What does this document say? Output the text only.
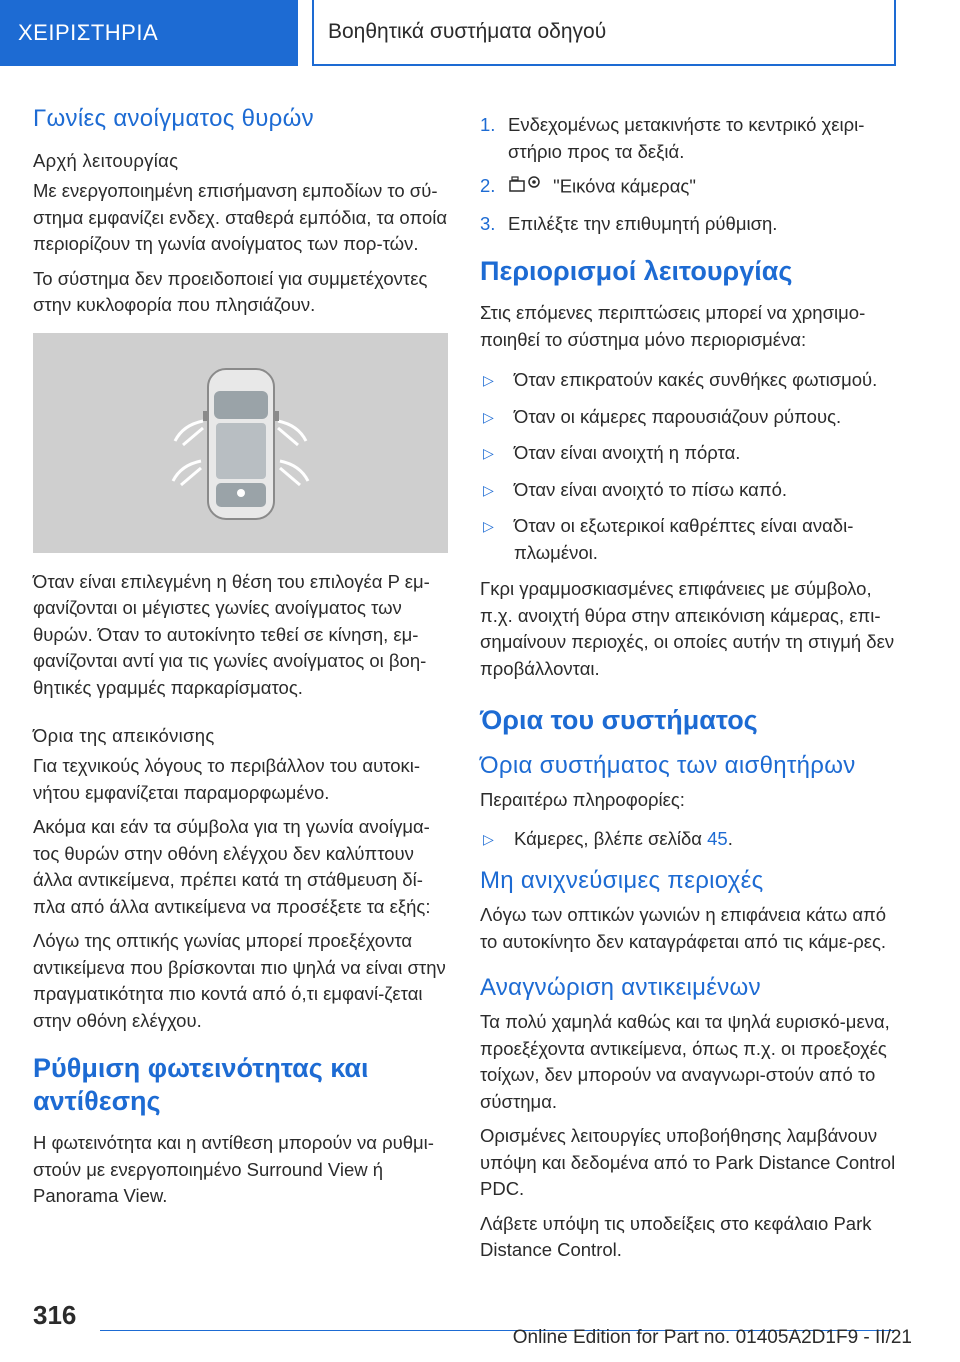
ΧΕΙΡΙΣΤΗΡΙΑ	Βοηθητικά συστήματα οδηγού
Γωνίες ανοίγματος θυρών
Αρχή λειτουργίας

Με ενεργοποιημένη επισήμανση εμποδίων το σύ-στημα εμφανίζει ενδεχ. σταθερά εμπόδια, τα οποία περιορίζουν τη γωνία ανοίγματος των πορ-τών.

Το σύστημα δεν προειδοποιεί για συμμετέχοντες στην κυκλοφορία που πλησιάζουν.

Όταν είναι επιλεγμένη η θέση του επιλογέα P εμ-φανίζονται οι μέγιστες γωνίες ανοίγματος των θυρών. Όταν το αυτοκίνητο τεθεί σε κίνηση, εμ-φανίζονται αντί για τις γωνίες ανοίγματος οι βοη-θητικές γραμμές παρκαρίσματος.

Όρια της απεικόνισης

Για τεχνικούς λόγους το περιβάλλον του αυτοκι-νήτου εμφανίζεται παραμορφωμένο.

Ακόμα και εάν τα σύμβολα για τη γωνία ανοίγμα-τος θυρών στην οθόνη ελέγχου δεν καλύπτουν άλλα αντικείμενα, πρέπει κατά τη στάθμευση δί-πλα από άλλα αντικείμενα να προσέξετε τα εξής:

Λόγω της οπτικής γωνίας μπορεί προεξέχοντα αντικείμενα που βρίσκονται πιο ψηλά να είναι στην πραγματικότητα πιο κοντά από ό,τι εμφανί-ζεται στην οθόνη ελέγχου.

Ρύθμιση φωτεινότητας και αντίθεσης

Η φωτεινότητα και η αντίθεση μπορούν να ρυθμι-στούν με ενεργοποιημένο Surround View ή Panorama View.

1. Ενδεχομένως μετακινήστε το κεντρικό χειρι-στήριο προς τα δεξιά.
2.	"Εικόνα κάμερας"
3. Επιλέξτε την επιθυμητή ρύθμιση.
Περιορισμοί λειτουργίας

Στις επόμενες περιπτώσεις μπορεί να χρησιμο-ποιηθεί το σύστημα μόνο περιορισμένα:

▷ Όταν επικρατούν κακές συνθήκες φωτισμού.
▷ Όταν οι κάμερες παρουσιάζουν ρύπους.
▷ Όταν είναι ανοιχτή η πόρτα.
▷ Όταν είναι ανοιχτό το πίσω καπό.
▷ Όταν οι εξωτερικοί καθρέπτες είναι αναδι-πλωμένοι.

Γκρι γραμμοσκιασμένες επιφάνειες με σύμβολο, π.χ. ανοιχτή θύρα στην απεικόνιση κάμερας, επι-σημαίνουν περιοχές, οι οποίες αυτήν τη στιγμή δεν προβάλλονται.

Όρια του συστήματος
Όρια συστήματος των αισθητήρων

Περαιτέρω πληροφορίες:

▷ Κάμερες, βλέπε σελίδα 45.
Μη ανιχνεύσιμες περιοχές

Λόγω των οπτικών γωνιών η επιφάνεια κάτω από το αυτοκίνητο δεν καταγράφεται από τις κάμε-ρες.

Αναγνώριση αντικειμένων

Τα πολύ χαμηλά καθώς και τα ψηλά ευρισκό-μενα, προεξέχοντα αντικείμενα, όπως π.χ. οι προεξοχές τοίχων, δεν μπορούν να αναγνωρι-στούν από το σύστημα.

Ορισμένες λειτουργίες υποβοήθησης λαμβάνουν υπόψη και δεδομένα από το Park Distance Control PDC.

Λάβετε υπόψη τις υποδείξεις στο κεφάλαιο Park Distance Control.

316
Online Edition for Part no. 01405A2D1F9 - II/21
